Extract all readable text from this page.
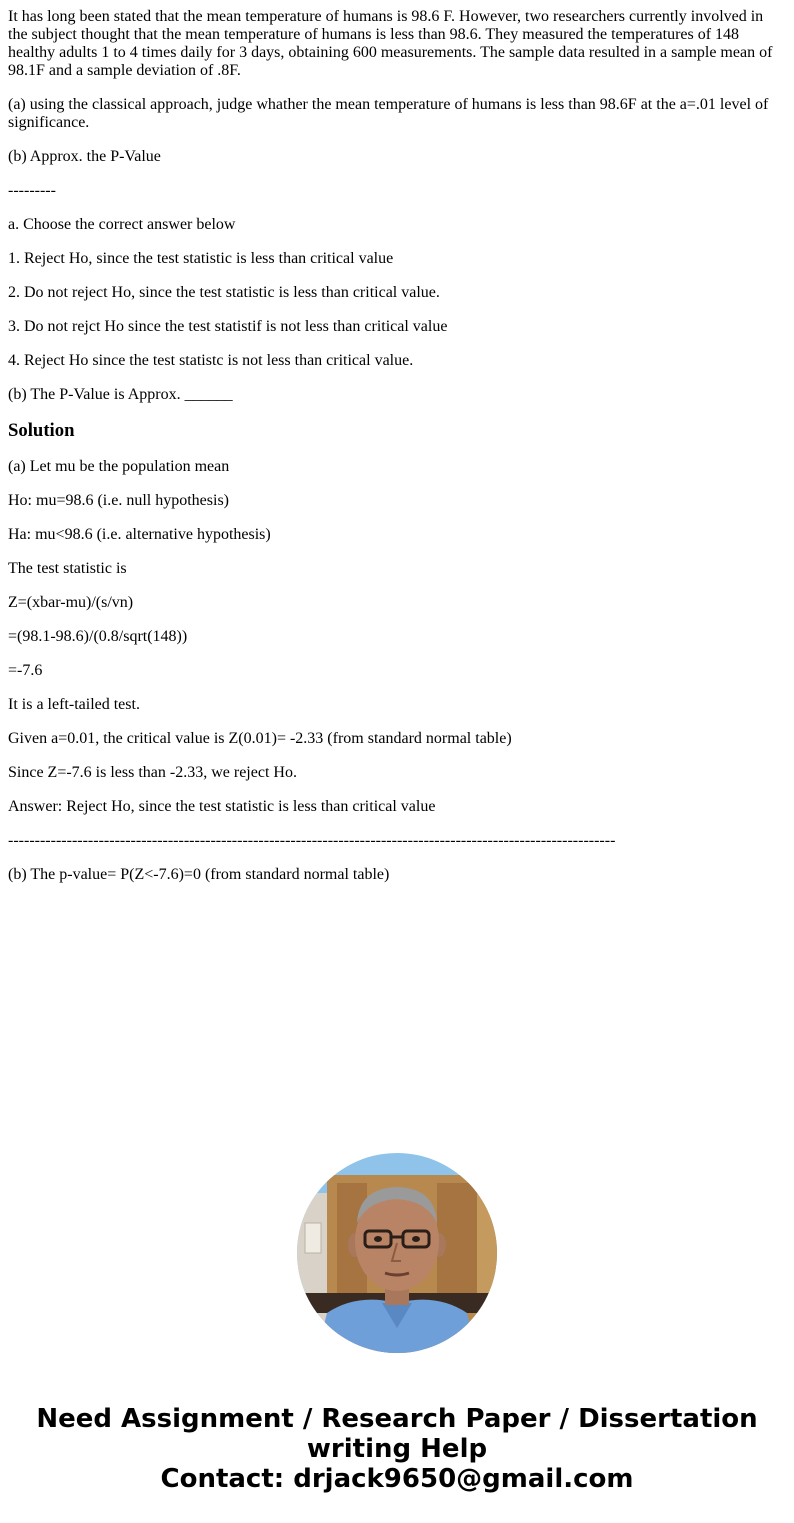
It has long been stated that the mean temperature of humans is 98.6 F. However, two researchers currently involved in the subject thought that the mean temperature of humans is less than 98.6. They measured the temperatures of 148 healthy adults 1 to 4 times daily for 3 days, obtaining 600 measurements. The sample data resulted in a sample mean of 98.1F and a sample deviation of .8F.

(a) using the classical approach, judge whather the mean temperature of humans is less than 98.6F at the a=.01 level of significance.

(b) Approx. the P-Value

---------

a. Choose the correct answer below

1. Reject Ho, since the test statistic is less than critical value

2. Do not reject Ho, since the test statistic is less than critical value.

3. Do not rejct Ho since the test statistif is not less than critical value

4. Reject Ho since the test statistc is not less than critical value.

(b) The P-Value is Approx. ______

Solution

(a) Let mu be the population mean

Ho: mu=98.6 (i.e. null hypothesis)

Ha: mu<98.6 (i.e. alternative hypothesis)

The test statistic is

Z=(xbar-mu)/(s/vn)

=(98.1-98.6)/(0.8/sqrt(148))

=-7.6

It is a left-tailed test.

Given a=0.01, the critical value is Z(0.01)= -2.33 (from standard normal table)

Since Z=-7.6 is less than -2.33, we reject Ho.

Answer: Reject Ho, since the test statistic is less than critical value

------------------------------------------------------------------------------------------------------------------

(b) The p-value= P(Z<-7.6)=0 (from standard normal table)

Need Assignment / Research Paper / Dissertation writing Help
Contact: drjack9650@gmail.com
